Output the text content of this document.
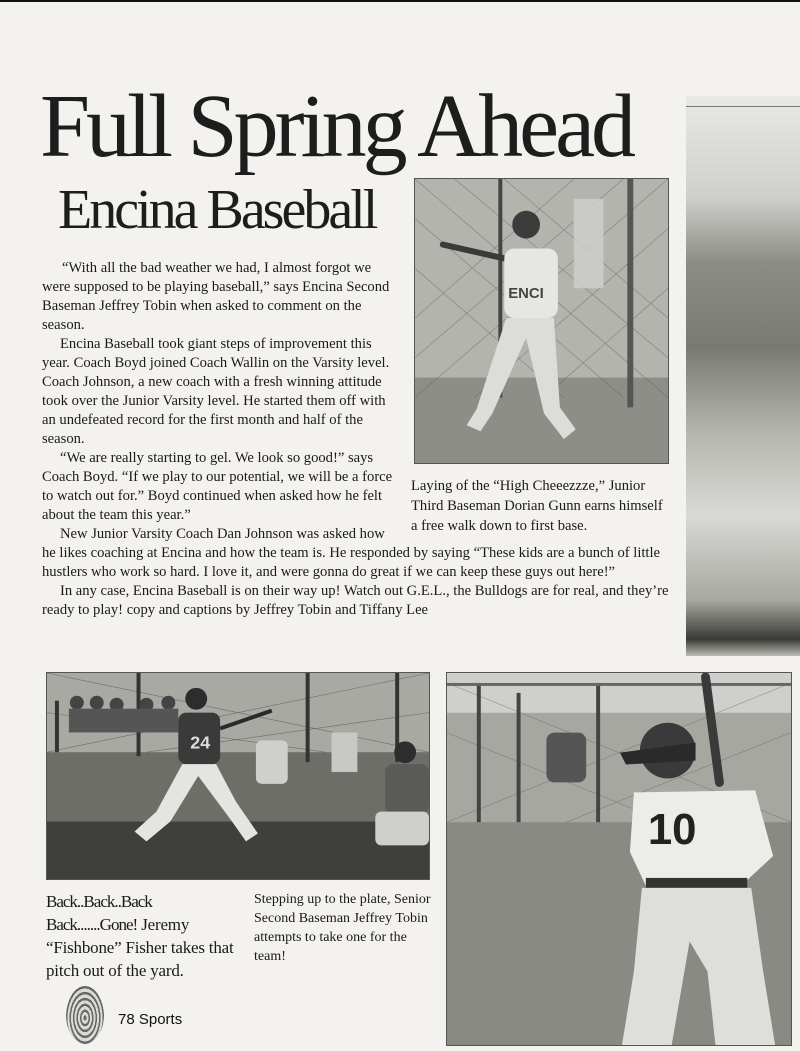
Full Spring Ahead
Encina Baseball
ENCI
Laying of the “High Cheeezzze,” Junior Third Baseman Dorian Gunn earns himself a free walk down to first base.

“With all the bad weather we had, I almost forgot we were supposed to be playing baseball,” says Encina Second Baseman Jeffrey Tobin when asked to comment on the season.

Encina Baseball took giant steps of improvement this year. Coach Boyd joined Coach Wallin on the Varsity level. Coach Johnson, a new coach with a fresh winning attitude took over the Junior Varsity level. He started them off with an undefeated record for the first month and half of the season.

“We are really starting to gel. We look so good!” says Coach Boyd. “If we play to our potential, we will be a force to watch out for.” Boyd continued when asked how he felt about the team this year.”

New Junior Varsity Coach Dan Johnson was asked how

he likes coaching at Encina and how the team is. He responded by saying “These kids are a bunch of little hustlers who work so hard. I love it, and were gonna do great if we can keep these guys out here!”

In any case, Encina Baseball is on their way up! Watch out G.E.L., the Bulldogs are for real, and they’re ready to play! copy and captions by Jeffrey Tobin and Tiffany Lee

24
10
Back..Back..Back Back.......Gone! Jeremy “Fishbone” Fisher takes that pitch out of the yard.
Stepping up to the plate, Senior Second Baseman Jeffrey Tobin attempts to take one for the team!
78 Sports
